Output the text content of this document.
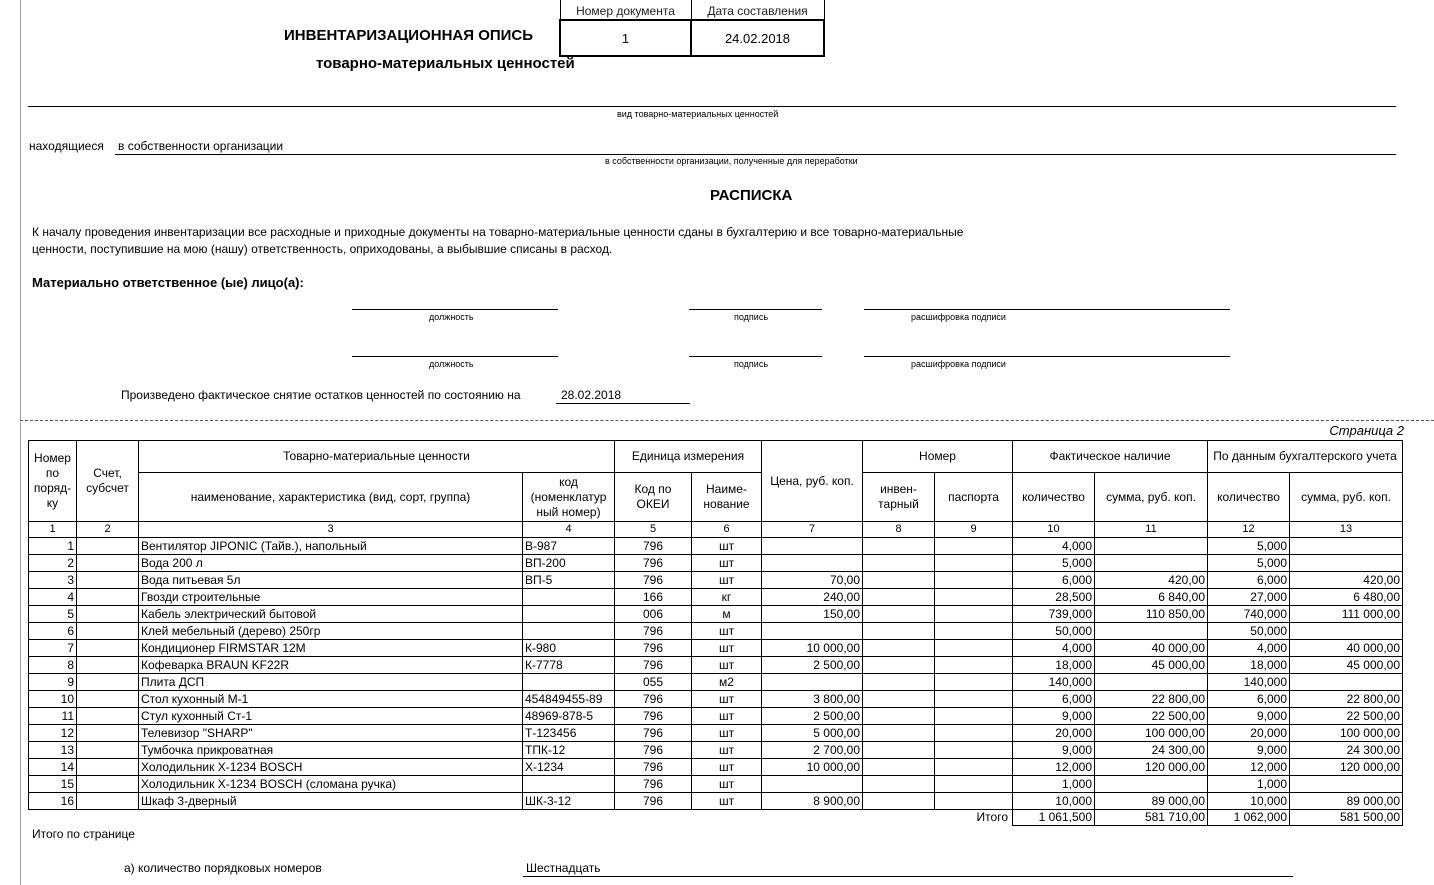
ИНВЕНТАРИЗАЦИОННАЯ ОПИСЬ
товарно-материальных ценностей
Номер документа	Дата составления
1	24.02.2018
вид товарно-материальных ценностей
находящиеся в собственности организации
в собственности организации, полученные для переработки
РАСПИСКА
К началу проведения инвентаризации все расходные и приходные документы на товарно-материальные ценности сданы в бухгалтерию и все товарно-материальные
ценности, поступившие на мою (нашу) ответственность, оприходованы, а выбывшие списаны в расход.
Материально ответственное (ые) лицо(а):
должность	подпись	расшифровка подписи
должность	подпись	расшифровка подписи
Произведено фактическое снятие остатков ценностей по состоянию на	28.02.2018
Страница 2
Номер по поряд-ку	Счет, субсчет	Товарно-материальные ценности		Единица измерения		Цена, руб. коп.	Номер		Фактическое наличие		По данным бухгалтерского учета	
		наименование, характеристика (вид, сорт, группа)	код (номенклатур ный номер)	Код по ОКЕИ	Наиме-нование		инвен-тарный	паспорта	количество	сумма, руб. коп.	количество	сумма, руб. коп.
1	2	3	4	5	6	7	8	9	10	11	12	13
1		Вентилятор JIPONIC (Тайв.), напольный	В-987	796	шт				4,000		5,000	
2		Вода 200 л	ВП-200	796	шт				5,000		5,000	
3		Вода питьевая 5л	ВП-5	796	шт	70,00			6,000	420,00	6,000	420,00
4		Гвозди строительные		166	кг	240,00			28,500	6 840,00	27,000	6 480,00
5		Кабель электрический бытовой		006	м	150,00			739,000	110 850,00	740,000	111 000,00
6		Клей мебельный (дерево) 250гр		796	шт				50,000		50,000	
7		Кондиционер FIRMSTAR 12M	К-980	796	шт	10 000,00			4,000	40 000,00	4,000	40 000,00
8		Кофеварка BRAUN KF22R	К-7778	796	шт	2 500,00			18,000	45 000,00	18,000	45 000,00
9		Плита ДСП		055	м2				140,000		140,000	
10		Стол кухонный М-1	454849455-89	796	шт	3 800,00			6,000	22 800,00	6,000	22 800,00
11		Стул кухонный Ст-1	48969-878-5	796	шт	2 500,00			9,000	22 500,00	9,000	22 500,00
12		Телевизор "SHARP"	Т-123456	796	шт	5 000,00			20,000	100 000,00	20,000	100 000,00
13		Тумбочка прикроватная	ТПК-12	796	шт	2 700,00			9,000	24 300,00	9,000	24 300,00
14		Холодильник Х-1234 BOSCH	Х-1234	796	шт	10 000,00			12,000	120 000,00	12,000	120 000,00
15		Холодильник Х-1234 BOSCH (сломана ручка)		796	шт				1,000		1,000	
16		Шкаф 3-дверный	ШК-3-12	796	шт	8 900,00			10,000	89 000,00	10,000	89 000,00
Итого									1 061,500	581 710,00	1 062,000	581 500,00
Итого по странице
а) количество порядковых номеров	Шестнадцать
